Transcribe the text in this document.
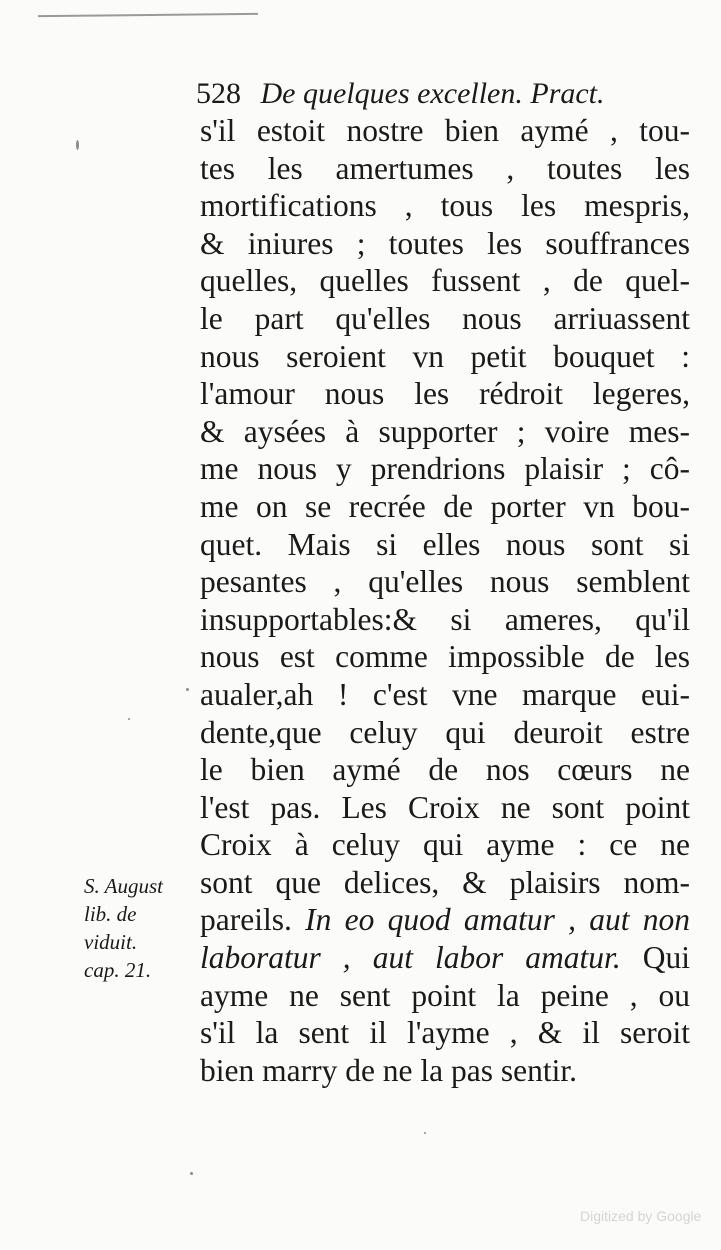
528 De quelques excellen. Pract.
s'il estoit nostre bien aymé , tou-
tes les amertumes , toutes les
mortifications , tous les mespris,
& iniures ; toutes les souffrances
quelles, quelles fussent , de quel-
le part qu'elles nous arriuassent
nous seroient vn petit bouquet :
l'amour nous les rédroit legeres,
& aysées à supporter ; voire mes-
me nous y prendrions plaisir ; cô-
me on se recrée de porter vn bou-
quet. Mais si elles nous sont si
pesantes , qu'elles nous semblent
insupportables:& si ameres, qu'il
nous est comme impossible de les
aualer,ah ! c'est vne marque eui-
dente,que celuy qui deuroit estre
le bien aymé de nos cœurs ne
l'est pas. Les Croix ne sont point
Croix à celuy qui ayme : ce ne
sont que delices, & plaisirs nom-
pareils. In eo quod amatur , aut non
laboratur , aut labor amatur. Qui
ayme ne sent point la peine , ou
s'il la sent il l'ayme , & il seroit
bien marry de ne la pas sentir.
S. August
lib. de
viduit.
cap. 21.
Digitized by Google
